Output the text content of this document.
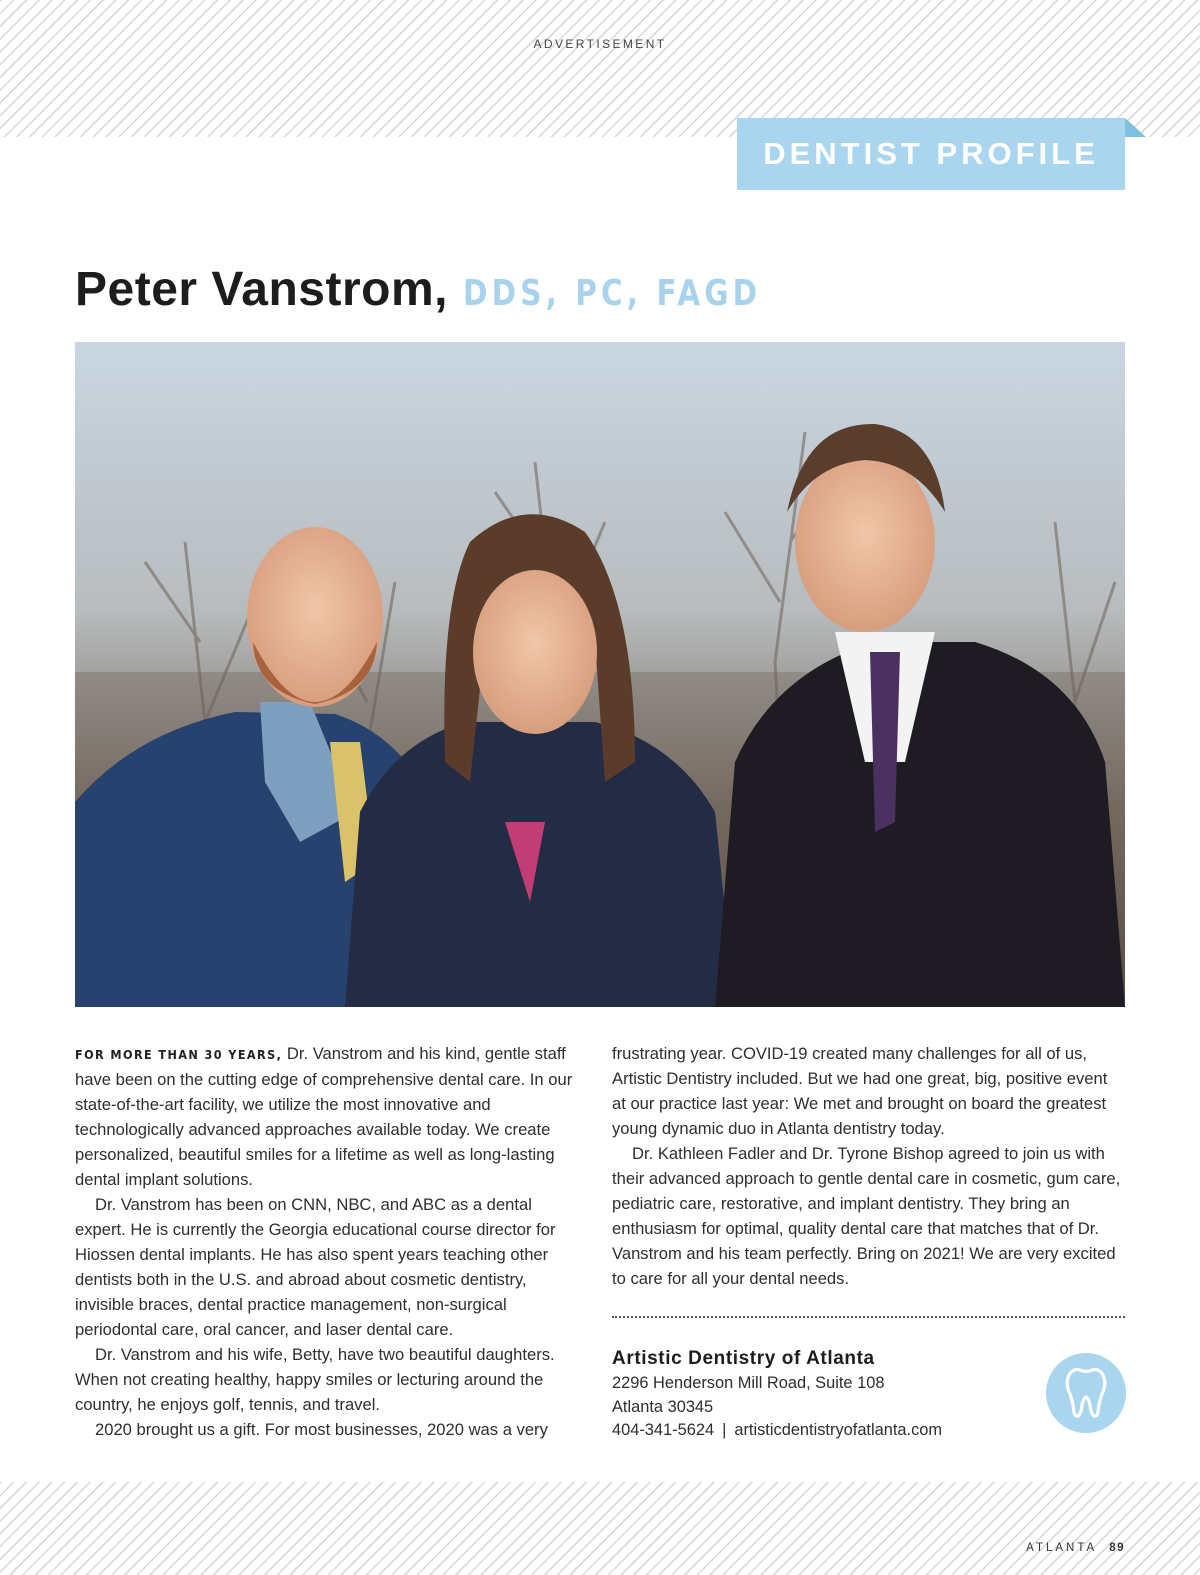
ADVERTISEMENT
DENTIST PROFILE
Peter Vanstrom, DDS, PC, FAGD

FOR MORE THAN 30 YEARS, Dr. Vanstrom and his kind, gentle staff have been on the cutting edge of comprehensive dental care. In our state-of-the-art facility, we utilize the most innovative and technologically advanced approaches available today. We create personalized, beautiful smiles for a lifetime as well as long-lasting dental implant solutions.

Dr. Vanstrom has been on CNN, NBC, and ABC as a dental expert. He is currently the Georgia educational course director for Hiossen dental implants. He has also spent years teaching other dentists both in the U.S. and abroad about cosmetic dentistry, invisible braces, dental practice management, non-surgical periodontal care, oral cancer, and laser dental care.

Dr. Vanstrom and his wife, Betty, have two beautiful daughters. When not creating healthy, happy smiles or lecturing around the country, he enjoys golf, tennis, and travel.

2020 brought us a gift. For most businesses, 2020 was a very

frustrating year. COVID-19 created many challenges for all of us, Artistic Dentistry included. But we had one great, big, positive event at our practice last year: We met and brought on board the greatest young dynamic duo in Atlanta dentistry today.

Dr. Kathleen Fadler and Dr. Tyrone Bishop agreed to join us with their advanced approach to gentle dental care in cosmetic, gum care, pediatric care, restorative, and implant dentistry. They bring an enthusiasm for optimal, quality dental care that matches that of Dr. Vanstrom and his team perfectly. Bring on 2021! We are very excited to care for all your dental needs.

Artistic Dentistry of Atlanta
2296 Henderson Mill Road, Suite 108
Atlanta 30345
404-341-5624 | artisticdentistryofatlanta.com
ATLANTA 89
